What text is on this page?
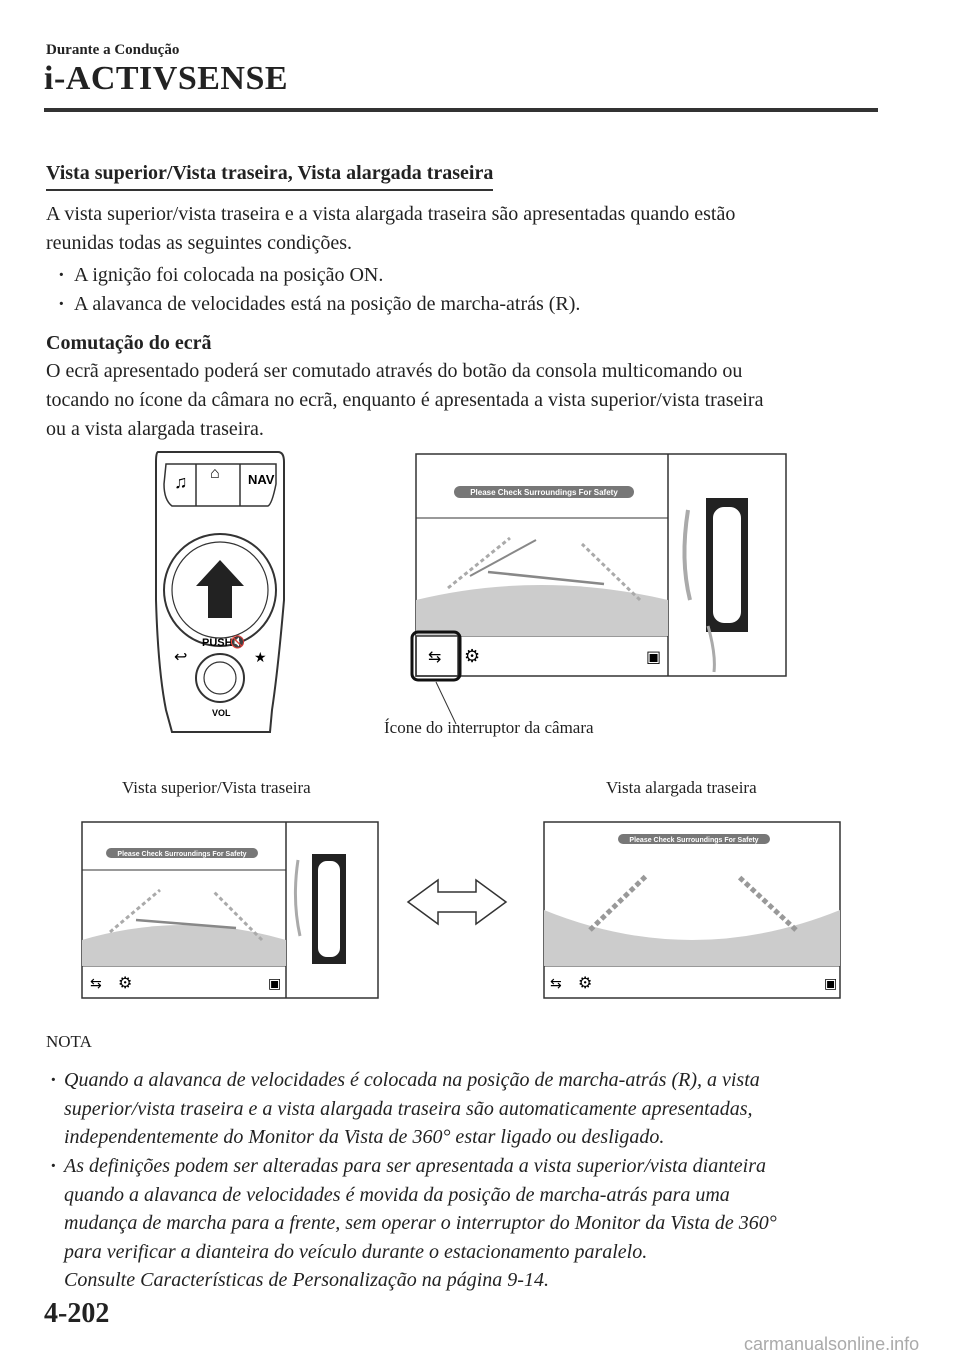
Durante a Condução
i-ACTIVSENSE
Vista superior/Vista traseira, Vista alargada traseira
A vista superior/vista traseira e a vista alargada traseira são apresentadas quando estão
reunidas todas as seguintes condições.
· A ignição foi colocada na posição ON.
· A alavanca de velocidades está na posição de marcha-atrás (R).
Comutação do ecrã
O ecrã apresentado poderá ser comutado através do botão da consola multicomando ou
tocando no ícone da câmara no ecrã, enquanto é apresentada a vista superior/vista traseira
ou a vista alargada traseira.
♫ ⌂ NAV
PUSH
🔇
↩	★
VOL
Please Check Surroundings For Safety
⇆ ⚙	▣
Please Check Surroundings For Safety
⇆ ⚙	▣
Please Check Surroundings For Safety
⇆ ⚙	▣
Ícone do interruptor da câmara
Vista superior/Vista traseira	Vista alargada traseira
NOTA
· Quando a alavanca de velocidades é colocada na posição de marcha-atrás (R), a vista
superior/vista traseira e a vista alargada traseira são automaticamente apresentadas,
independentemente do Monitor da Vista de 360° estar ligado ou desligado.
· As definições podem ser alteradas para ser apresentada a vista superior/vista dianteira
quando a alavanca de velocidades é movida da posição de marcha-atrás para uma
mudança de marcha para a frente, sem operar o interruptor do Monitor da Vista de 360°
para verificar a dianteira do veículo durante o estacionamento paralelo.
Consulte Características de Personalização na página 9-14.
4-202
carmanualsonline.info
